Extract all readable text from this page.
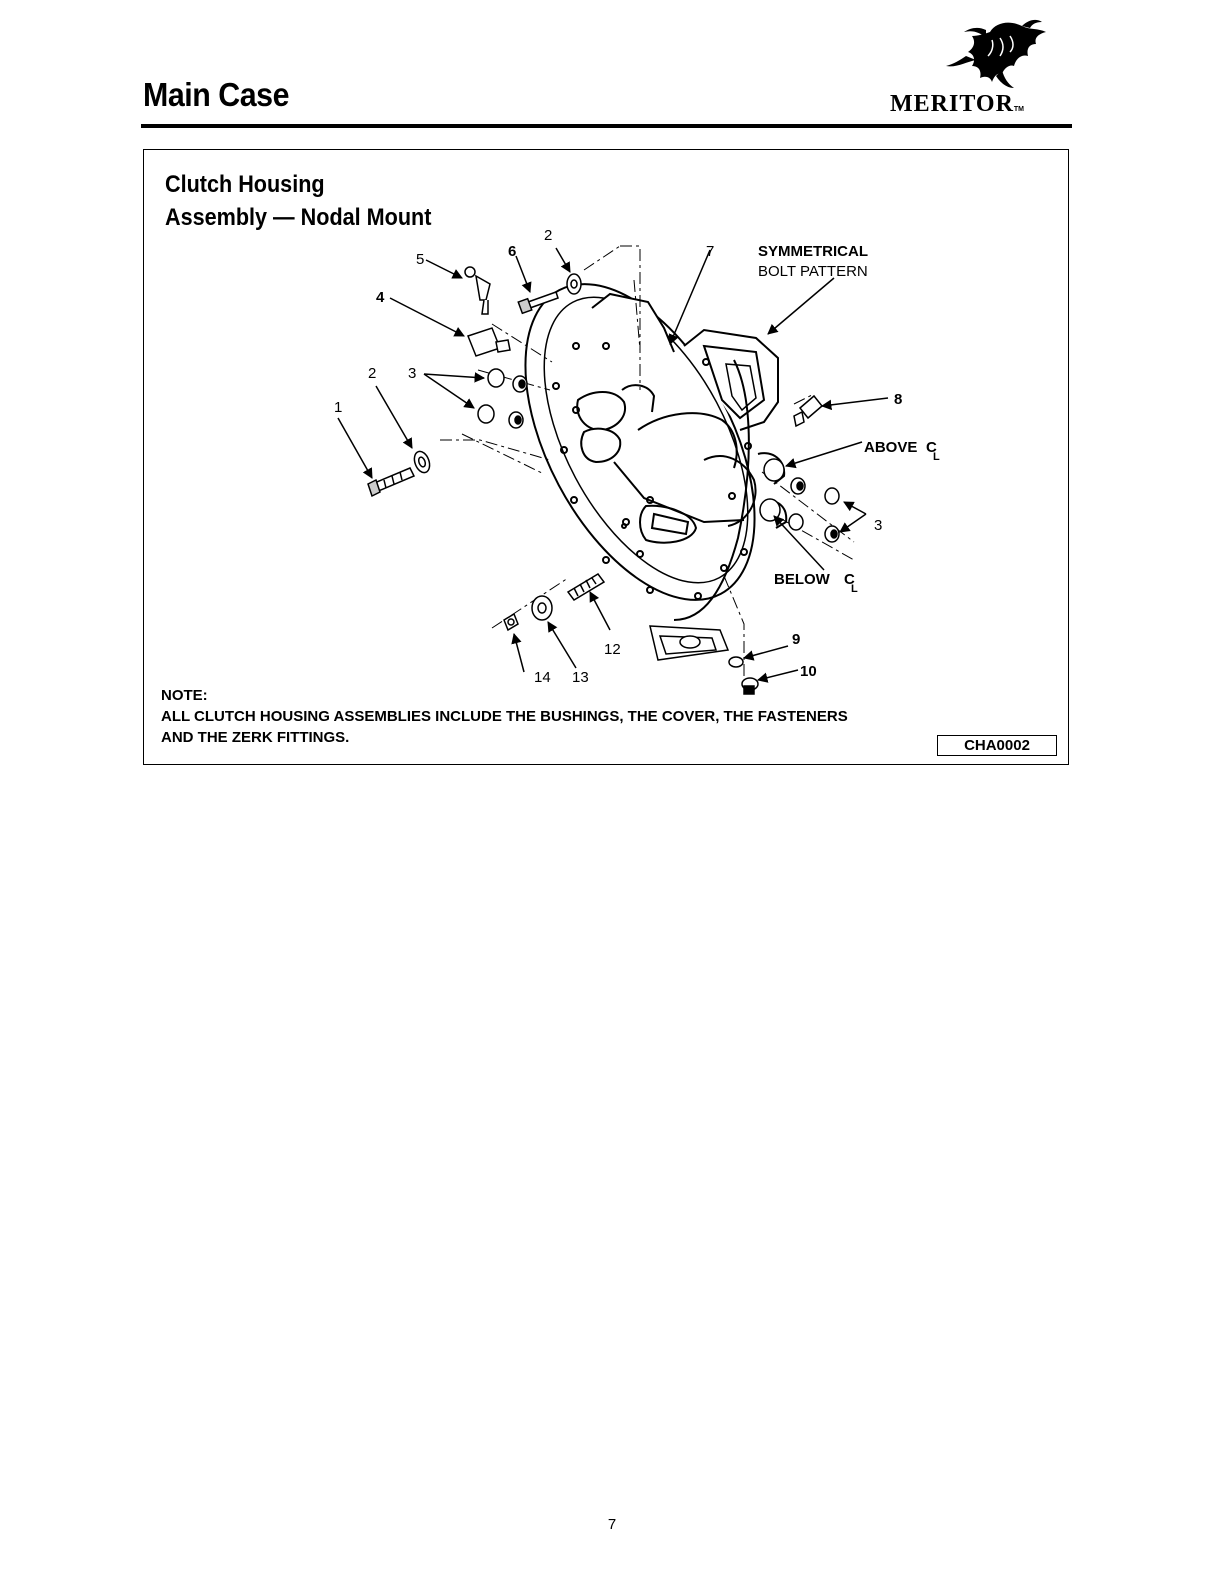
Main Case	MERITORTM
1
2 3
4
5	6
2
7	SYMMETRICAL
BOLT PATTERN
8
ABOVE C
L
3
BELOW C
L
9
10
12
13
14
Clutch Housing
Assembly — Nodal Mount
NOTE:
ALL CLUTCH HOUSING ASSEMBLIES INCLUDE THE BUSHINGS, THE COVER, THE FASTENERS
AND THE ZERK FITTINGS.	CHA0002
7
